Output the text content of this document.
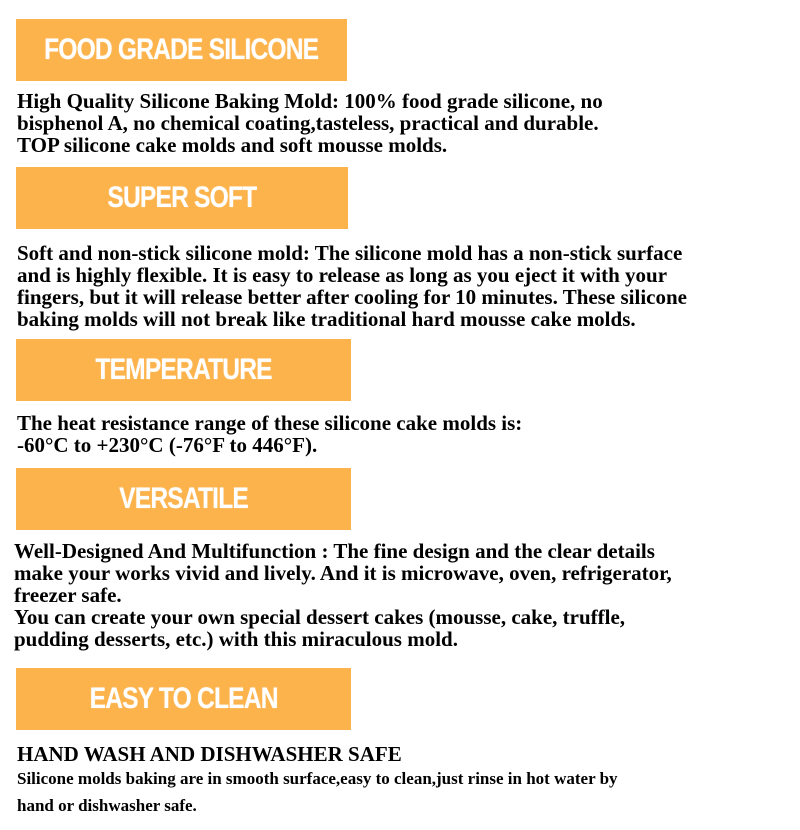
FOOD GRADE SILICONE
High Quality Silicone Baking Mold: 100% food grade silicone, no
bisphenol A, no chemical coating,tasteless, practical and durable.
TOP silicone cake molds and soft mousse molds.
SUPER SOFT
Soft and non-stick silicone mold: The silicone mold has a non-stick surface
and is highly flexible. It is easy to release as long as you eject it with your
fingers, but it will release better after cooling for 10 minutes. These silicone
baking molds will not break like traditional hard mousse cake molds.
TEMPERATURE
The heat resistance range of these silicone cake molds is:
-60°C to +230°C (-76°F to 446°F).
VERSATILE
Well-Designed And Multifunction : The fine design and the clear details
make your works vivid and lively. And it is microwave, oven, refrigerator,
freezer safe.
You can create your own special dessert cakes (mousse, cake, truffle,
pudding desserts, etc.) with this miraculous mold.
EASY TO CLEAN
HAND WASH AND DISHWASHER SAFE
Silicone molds baking are in smooth surface,easy to clean,just rinse in hot water by
hand or dishwasher safe.
